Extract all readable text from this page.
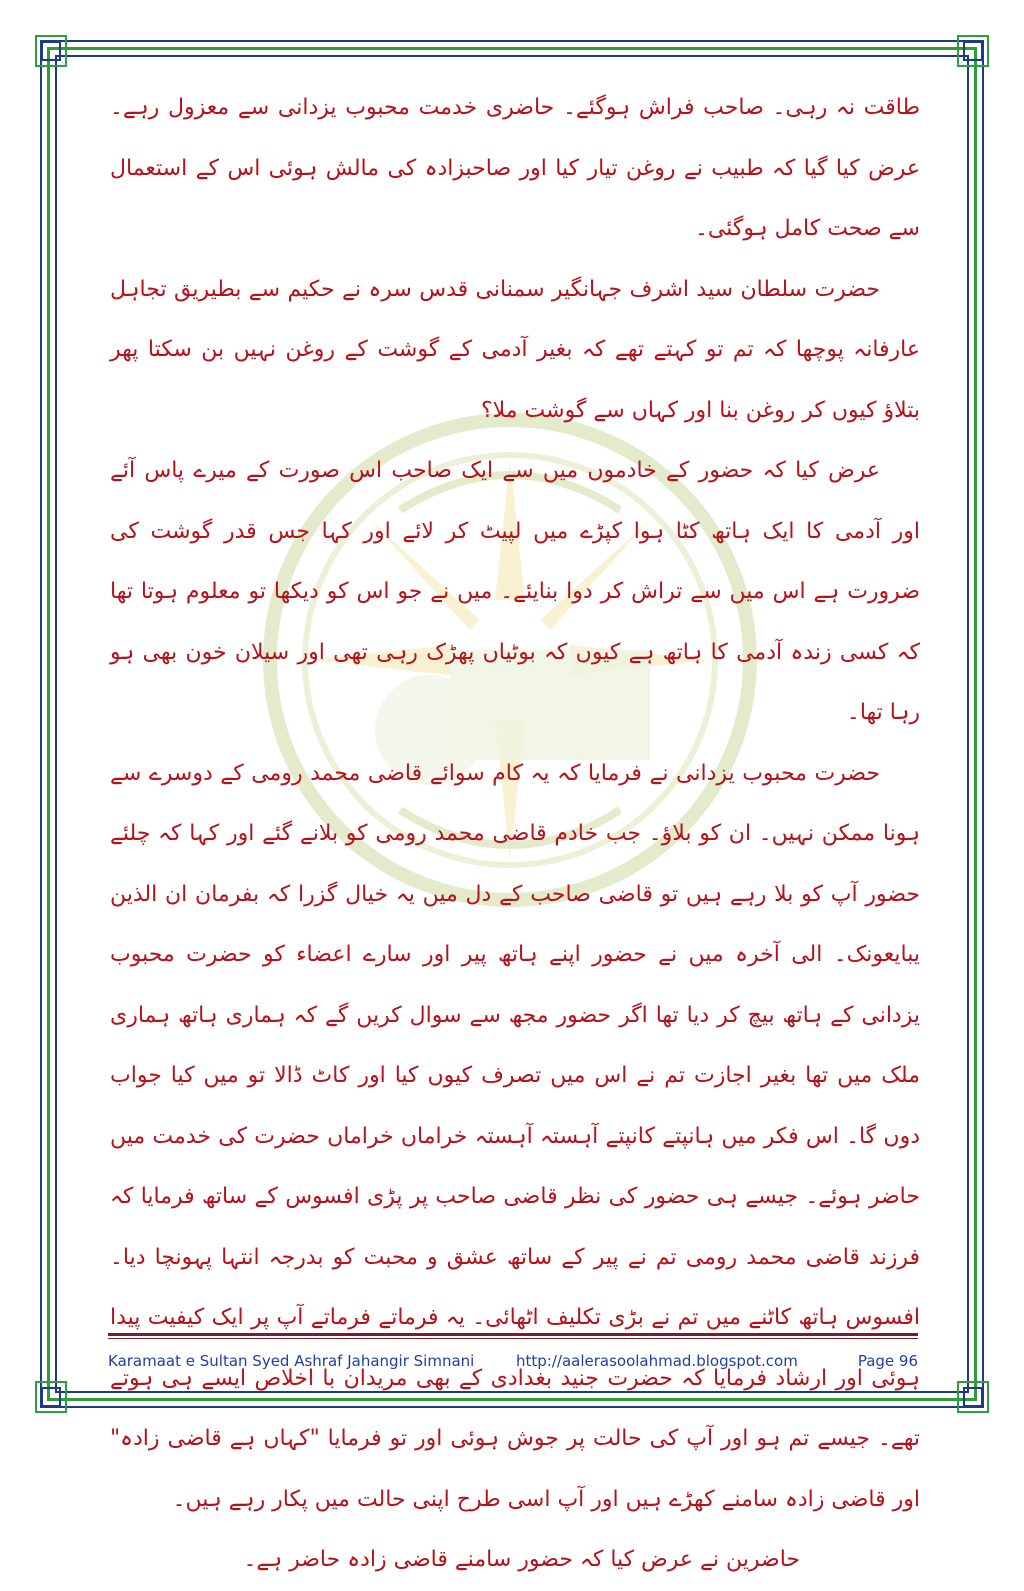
طاقت نہ رہی۔ صاحب فراش ہوگئے۔ حاضری خدمت محبوب یزدانی سے معزول رہے۔ عرض کیا گیا کہ طبیب نے روغن تیار کیا اور صاحبزادہ کی مالش ہوئی اس کے استعمال سے صحت کامل ہوگئی۔

حضرت سلطان سید اشرف جہانگیر سمنانی قدس سرہ نے حکیم سے بطیریق تجاہل عارفانہ پوچھا کہ تم تو کہتے تھے کہ بغیر آدمی کے گوشت کے روغن نہیں بن سکتا پھر بتلاؤ کیوں کر روغن بنا اور کہاں سے گوشت ملا؟

عرض کیا کہ حضور کے خادموں میں سے ایک صاحب اس صورت کے میرے پاس آئے اور آدمی کا ایک ہاتھ کٹا ہوا کپڑے میں لپیٹ کر لائے اور کہا جس قدر گوشت کی ضرورت ہے اس میں سے تراش کر دوا بنایئے۔ میں نے جو اس کو دیکھا تو معلوم ہوتا تھا کہ کسی زندہ آدمی کا ہاتھ ہے کیوں کہ بوٹیاں پھڑک رہی تھی اور سیلان خون بھی ہو رہا تھا۔

حضرت محبوب یزدانی نے فرمایا کہ یہ کام سوائے قاضی محمد رومی کے دوسرے سے ہونا ممکن نہیں۔ ان کو بلاؤ۔ جب خادم قاضی محمد رومی کو بلانے گئے اور کہا کہ چلئے حضور آپ کو بلا رہے ہیں تو قاضی صاحب کے دل میں یہ خیال گزرا کہ بفرمان ان الذین یبایعونک۔ الی آخرہ میں نے حضور اپنے ہاتھ پیر اور سارے اعضاء کو حضرت محبوب یزدانی کے ہاتھ بیچ کر دیا تھا اگر حضور مجھ سے سوال کریں گے کہ ہماری ہاتھ ہماری ملک میں تھا بغیر اجازت تم نے اس میں تصرف کیوں کیا اور کاٹ ڈالا تو میں کیا جواب دوں گا۔ اس فکر میں ہانپتے کانپتے آہستہ آہستہ خراماں خراماں حضرت کی خدمت میں حاضر ہوئے۔ جیسے ہی حضور کی نظر قاضی صاحب پر پڑی افسوس کے ساتھ فرمایا کہ فرزند قاضی محمد رومی تم نے پیر کے ساتھ عشق و محبت کو بدرجہ انتہا پہونچا دیا۔ افسوس ہاتھ کاٹنے میں تم نے بڑی تکلیف اٹھائی۔ یہ فرماتے فرماتے آپ پر ایک کیفیت پیدا ہوئی اور ارشاد فرمایا کہ حضرت جنید بغدادی کے بھی مریدان با اخلاص ایسے ہی ہوتے تھے۔ جیسے تم ہو اور آپ کی حالت پر جوش ہوئی اور تو فرمایا "کہاں ہے قاضی زادہ" اور قاضی زادہ سامنے کھڑے ہیں اور آپ اسی طرح اپنی حالت میں پکار رہے ہیں۔

حاضرین نے عرض کیا کہ حضور سامنے قاضی زادہ حاضر ہے۔

Karamaat e Sultan Syed Ashraf Jahangir Simnani	http://aalerasoolahmad.blogspot.com	Page 96
